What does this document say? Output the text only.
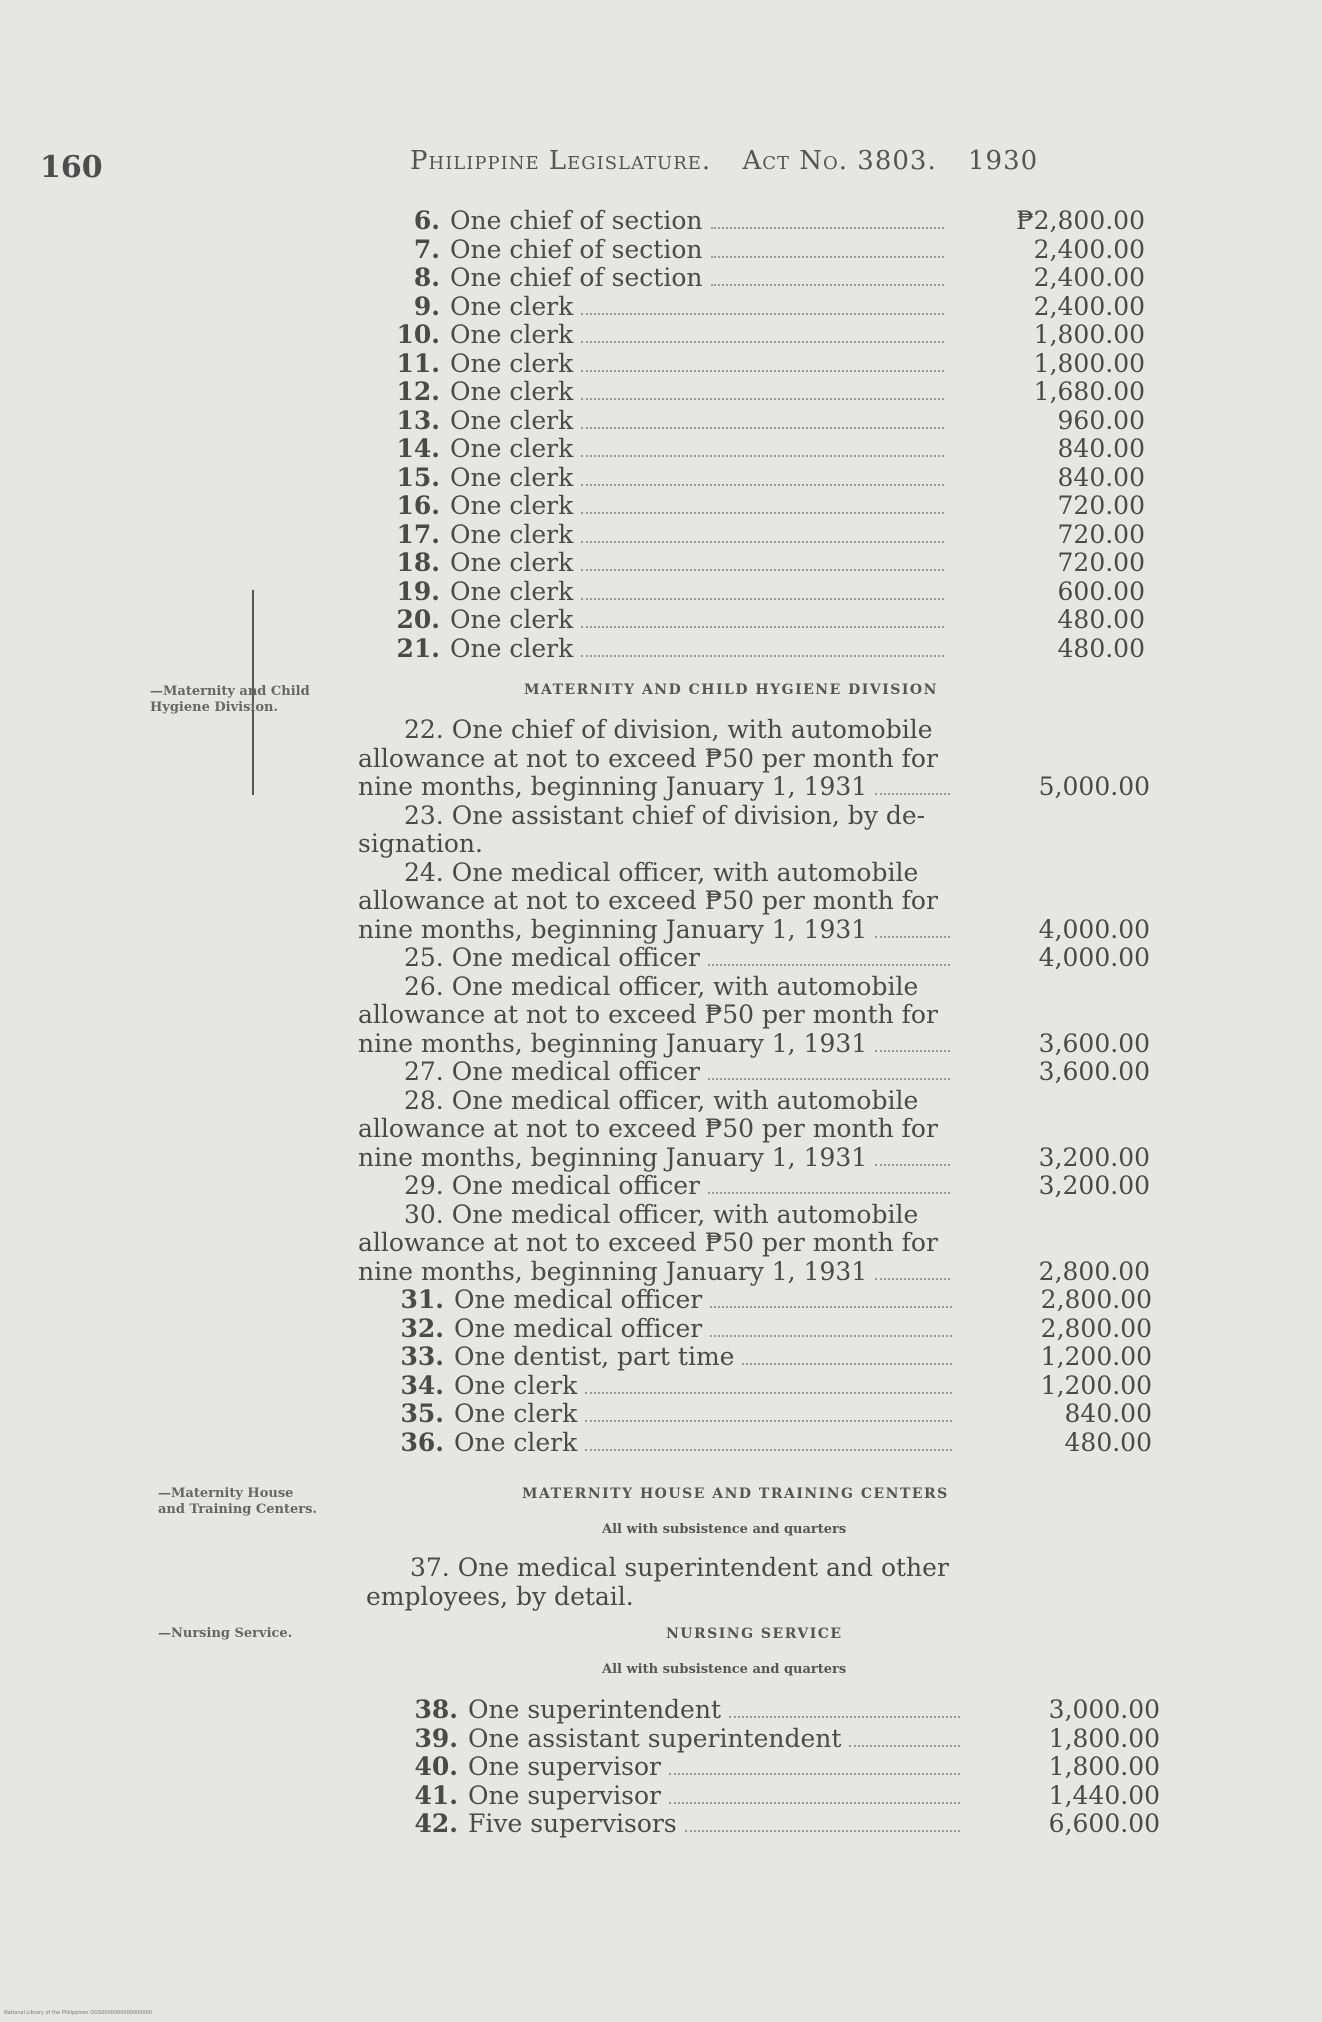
160	Philippine Legislature. Act No. 3803. 1930
6. One chief of section	₱2,800.00
7. One chief of section	2,400.00
8. One chief of section	2,400.00
9. One clerk	2,400.00
10. One clerk	1,800.00
11. One clerk	1,800.00
12. One clerk	1,680.00
13. One clerk	960.00
14. One clerk	840.00
15. One clerk	840.00
16. One clerk	720.00
17. One clerk	720.00
18. One clerk	720.00
19. One clerk	600.00
20. One clerk	480.00
21. One clerk	480.00
—Maternity and Child
Hygiene Division.
MATERNITY AND CHILD HYGIENE DIVISION
22. One chief of division, with automobile
allowance at not to exceed ₱50 per month for
nine months, beginning January 1, 1931	5,000.00
23. One assistant chief of division, by de-
signation.
24. One medical officer, with automobile
allowance at not to exceed ₱50 per month for
nine months, beginning January 1, 1931	4,000.00
25. One medical officer	4,000.00
26. One medical officer, with automobile
allowance at not to exceed ₱50 per month for
nine months, beginning January 1, 1931	3,600.00
27. One medical officer	3,600.00
28. One medical officer, with automobile
allowance at not to exceed ₱50 per month for
nine months, beginning January 1, 1931	3,200.00
29. One medical officer	3,200.00
30. One medical officer, with automobile
allowance at not to exceed ₱50 per month for
nine months, beginning January 1, 1931	2,800.00
31. One medical officer	2,800.00
32. One medical officer	2,800.00
33. One dentist, part time	1,200.00
34. One clerk	1,200.00
35. One clerk	840.00
36. One clerk	480.00
—Maternity House
and Training Centers.
MATERNITY HOUSE AND TRAINING CENTERS
All with subsistence and quarters

37. One medical superintendent and other

employees, by detail.

—Nursing Service.	NURSING SERVICE
All with subsistence and quarters
38. One superintendent	3,000.00
39. One assistant superintendent	1,800.00
40. One supervisor	1,800.00
41. One supervisor	1,440.00
42. Five supervisors	6,600.00
National Library of the Philippines DGS0000000000000000
